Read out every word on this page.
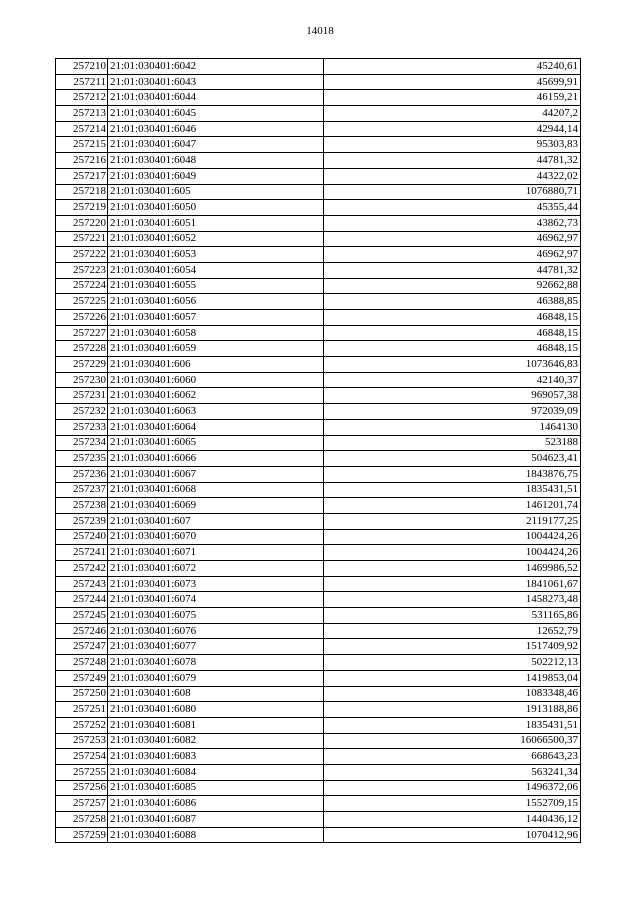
14018
257210	21:01:030401:6042	45240,61
257211	21:01:030401:6043	45699,91
257212	21:01:030401:6044	46159,21
257213	21:01:030401:6045	44207,2
257214	21:01:030401:6046	42944,14
257215	21:01:030401:6047	95303,83
257216	21:01:030401:6048	44781,32
257217	21:01:030401:6049	44322,02
257218	21:01:030401:605	1076880,71
257219	21:01:030401:6050	45355,44
257220	21:01:030401:6051	43862,73
257221	21:01:030401:6052	46962,97
257222	21:01:030401:6053	46962,97
257223	21:01:030401:6054	44781,32
257224	21:01:030401:6055	92662,88
257225	21:01:030401:6056	46388,85
257226	21:01:030401:6057	46848,15
257227	21:01:030401:6058	46848,15
257228	21:01:030401:6059	46848,15
257229	21:01:030401:606	1073646,83
257230	21:01:030401:6060	42140,37
257231	21:01:030401:6062	969057,38
257232	21:01:030401:6063	972039,09
257233	21:01:030401:6064	1464130
257234	21:01:030401:6065	523188
257235	21:01:030401:6066	504623,41
257236	21:01:030401:6067	1843876,75
257237	21:01:030401:6068	1835431,51
257238	21:01:030401:6069	1461201,74
257239	21:01:030401:607	2119177,25
257240	21:01:030401:6070	1004424,26
257241	21:01:030401:6071	1004424,26
257242	21:01:030401:6072	1469986,52
257243	21:01:030401:6073	1841061,67
257244	21:01:030401:6074	1458273,48
257245	21:01:030401:6075	531165,86
257246	21:01:030401:6076	12652,79
257247	21:01:030401:6077	1517409,92
257248	21:01:030401:6078	502212,13
257249	21:01:030401:6079	1419853,04
257250	21:01:030401:608	1083348,46
257251	21:01:030401:6080	1913188,86
257252	21:01:030401:6081	1835431,51
257253	21:01:030401:6082	16066500,37
257254	21:01:030401:6083	668643,23
257255	21:01:030401:6084	563241,34
257256	21:01:030401:6085	1496372,06
257257	21:01:030401:6086	1552709,15
257258	21:01:030401:6087	1440436,12
257259	21:01:030401:6088	1070412,96
